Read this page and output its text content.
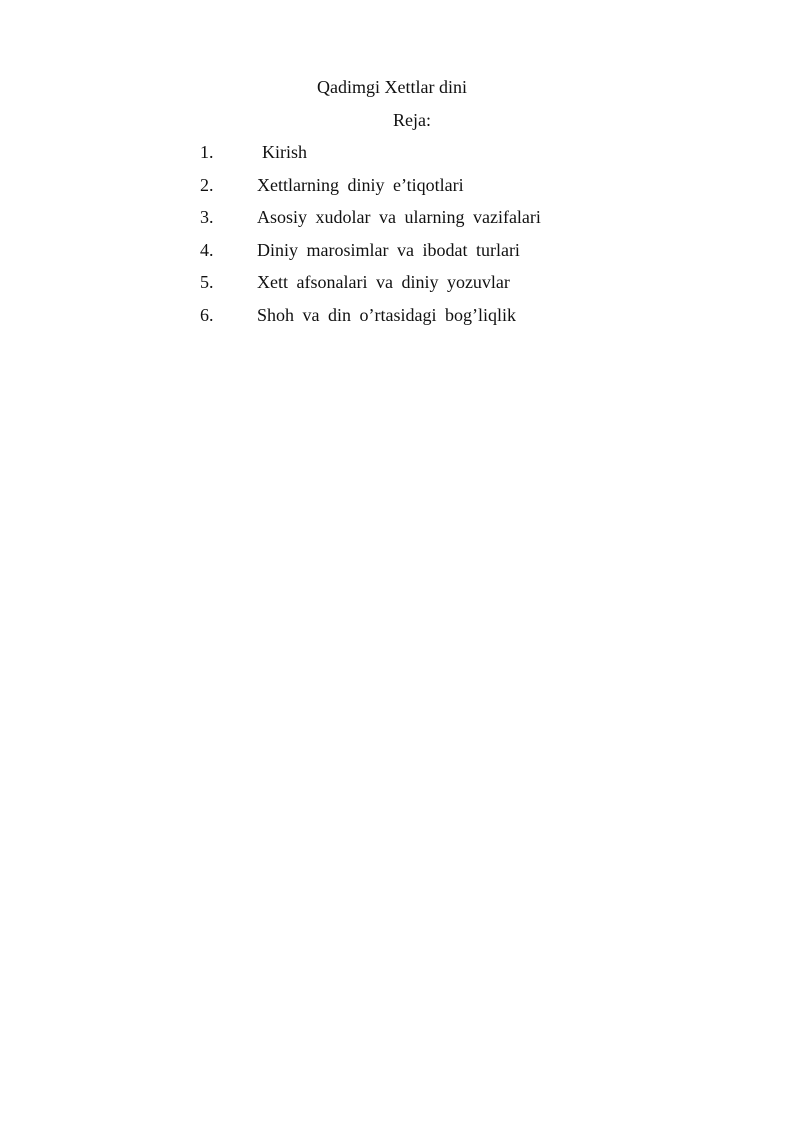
Qadimgi Xettlar dini
Reja:
1.	Kirish
2.	Xettlarning diniy e’tiqotlari
3.	Asosiy xudolar va ularning vazifalari
4.	Diniy marosimlar va ibodat turlari
5.	Xett afsonalari va diniy yozuvlar
6.	Shoh va din o’rtasidagi bog’liqlik
